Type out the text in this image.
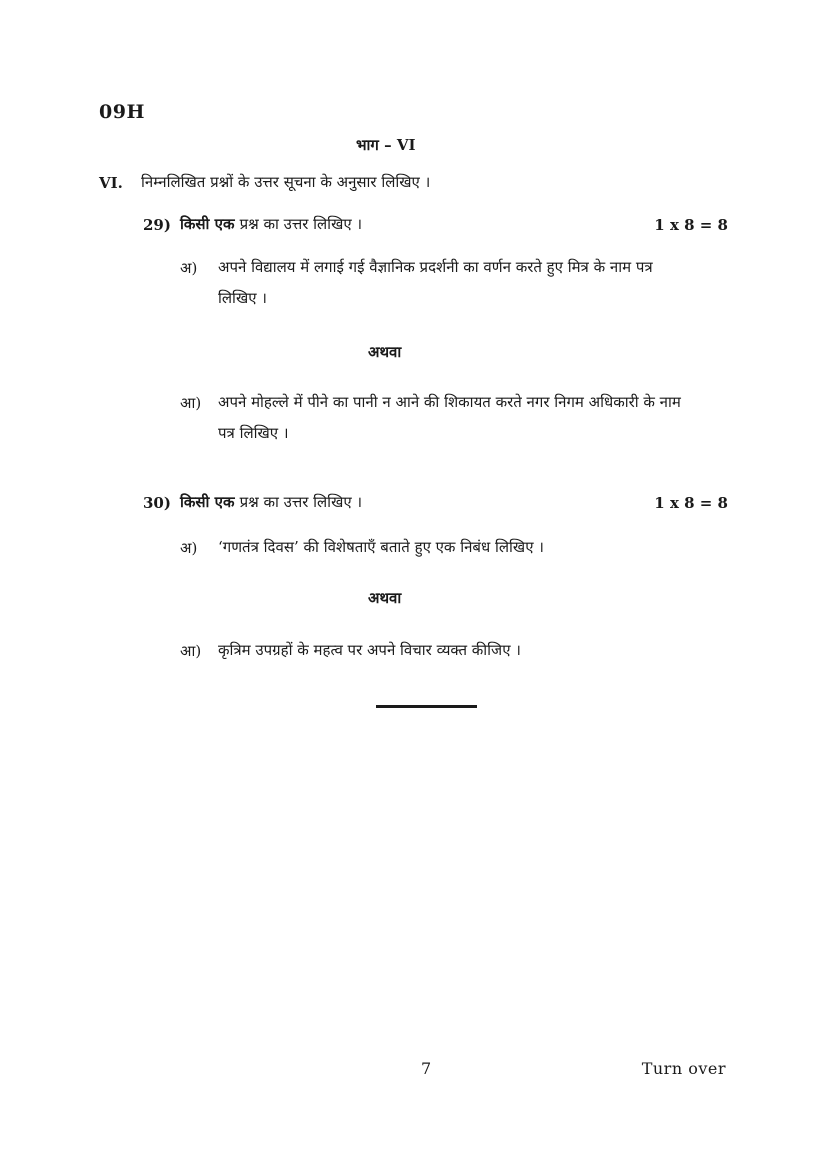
09H
भाग – VI
VI. निम्नलिखित प्रश्नों के उत्तर सूचना के अनुसार लिखिए ।
29) किसी एक प्रश्न का उत्तर लिखिए ।	1 x 8 = 8
अ) अपने विद्यालय में लगाई गई वैज्ञानिक प्रदर्शनी का वर्णन करते हुए मित्र के नाम पत्र लिखिए ।
अथवा
आ) अपने मोहल्ले में पीने का पानी न आने की शिकायत करते नगर निगम अधिकारी के नाम पत्र लिखिए ।
30) किसी एक प्रश्न का उत्तर लिखिए ।	1 x 8 = 8
अ) ‘गणतंत्र दिवस’ की विशेषताएँ बताते हुए एक निबंध लिखिए ।
अथवा
आ) कृत्रिम उपग्रहों के महत्व पर अपने विचार व्यक्त कीजिए ।
7	Turn over
